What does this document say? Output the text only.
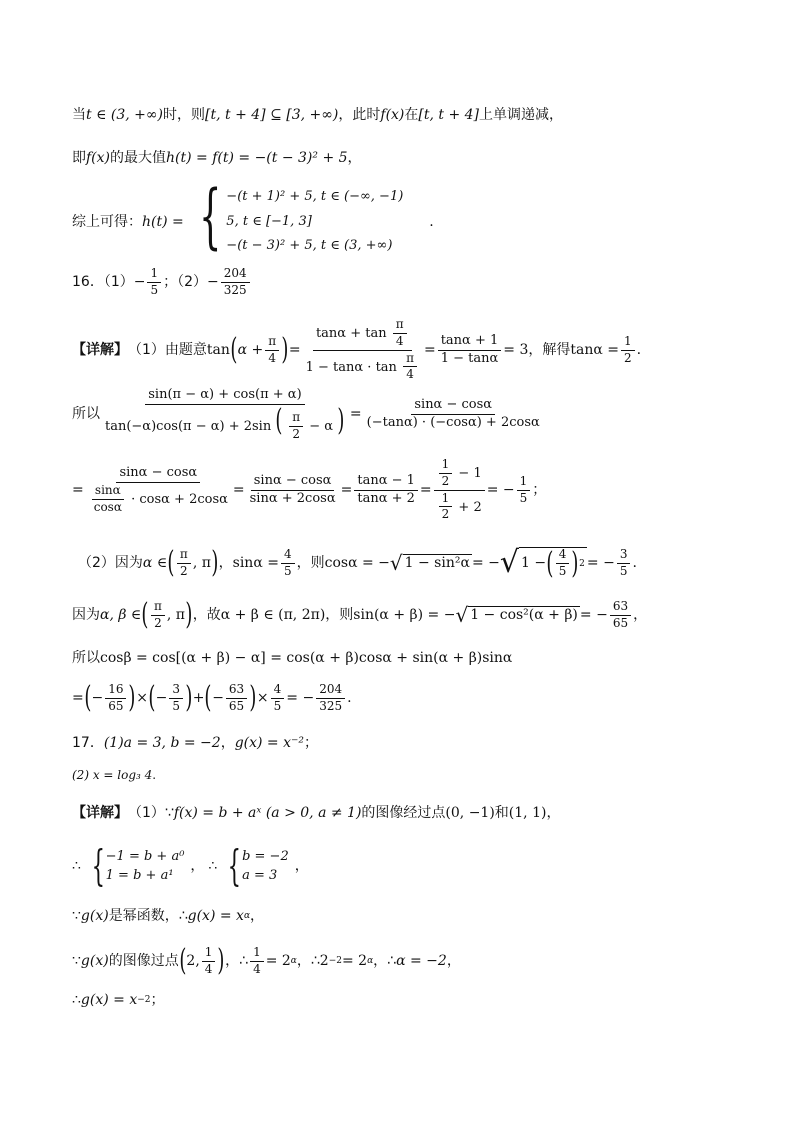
当 t ∈ (3, +∞) 时，则 [t, t + 4] ⊆ [3, +∞) ，此时 f(x) 在 [t, t + 4] 上单调递减，
即 f(x) 的最大值 h(t) = f(t) = −(t − 3)² + 5 ，
综上可得： h(t) = { −(t + 1)² + 5, t ∈ (−∞, −1)
5, t ∈ [−1, 3]
−(t − 3)² + 5, t ∈ (3, +∞)
.
16．$(1) - \frac{1}{5}$ ；$(2) - \frac{204}{325}$
【详解】 （1）由题意 tan ( $\alpha + \frac{\pi}{4}$ ) = $\frac{\tan\alpha + \tan \frac{\pi}{4}}{1 - \tan\alpha \cdot \tan \frac{\pi}{4}} = \frac{\tan\alpha + 1}{1 - \tan\alpha} = 3$ ，解得 $\tan\alpha = \frac{1}{2}$ .
所以
sin(π − α) + cos(π + α)
tan(−α)cos(π − α) + 2sin ( $\frac{\pi}{2} - \alpha$ ) = $\frac{\sin\alpha - \cos\alpha}{(-\tan\alpha) \cdot (-\cos\alpha) + 2\cos\alpha}$
= $\frac{\sin\alpha - \cos\alpha}{\frac{\sin\alpha}{\cos\alpha} \cdot \cos\alpha + 2\cos\alpha} = \frac{\sin\alpha - \cos\alpha}{\sin\alpha + 2\cos\alpha} = \frac{\tan\alpha - 1}{\tan\alpha + 2} = \frac{\frac{1}{2} - 1}{\frac{1}{2} + 2}$ = − $\frac{1}{5}$ ；
（2）因为 α ∈ ( $\frac{\pi}{2}$ , π ) ， $\sin\alpha = \frac{4}{5}$ ，则 cosα = − √ 1 − sin²α = − √ 1 − ( $\frac{4}{5}$ ) 2 = − $\frac{3}{5}$ .
因为 α, β ∈ ( $\frac{\pi}{2}$ , π ) ，故 α + β ∈ (π, 2π) ，则 sin(α + β) = − √ 1 − cos²(α + β) = − $\frac{63}{65}$ ，
所以 cosβ = cos[(α + β) − α] = cos(α + β)cosα + sin(α + β)sinα
= ( − $\frac{16}{65}$ ) × ( − $\frac{3}{5}$ ) + ( − $\frac{63}{65}$ ) × $\frac{4}{5}$ = − $\frac{204}{325}$ .
17． (1)a = 3, b = −2 ， g(x) = x⁻² ；
(2) x = log₃ 4 .
【详解】 （1）∵ f(x) = b + aˣ (a > 0, a ≠ 1) 的图像经过点 (0, −1) 和 (1, 1) ，
∴ { −1 = b + a⁰
1 = b + a¹
， ∴ { b = −2
a = 3
，
∵ g(x) 是幂函数，∴ g(x) = x α ，
∵ g(x) 的图像过点 ( 2, $\frac{1}{4}$ ) ，∴ $\frac{1}{4} = 2$ α ，∴ 2 −2 = 2 α ，∴ α = −2 ，
∴ g(x) = x −2 ；
